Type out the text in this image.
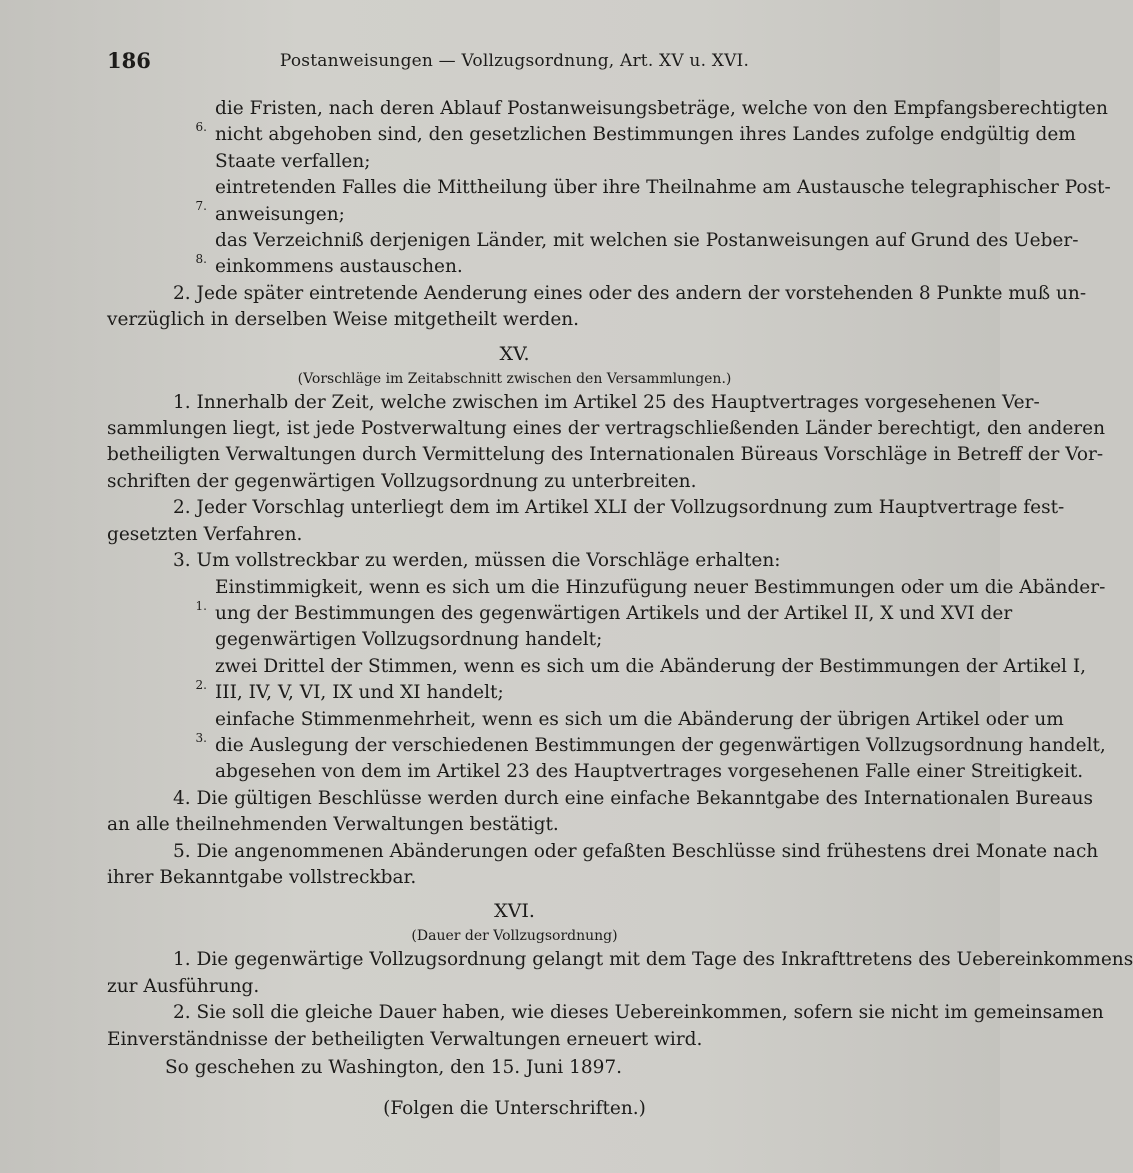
186	Postanweisungen — Vollzugsordnung, Art. XV u. XVI.
6.
die Fristen, nach deren Ablauf Postanweisungsbeträge, welche von den Empfangsberechtigten
nicht abgehoben sind, den gesetzlichen Bestimmungen ihres Landes zufolge endgültig dem
Staate verfallen;
7.
eintretenden Falles die Mittheilung über ihre Theilnahme am Austausche telegraphischer Post-
anweisungen;
8.
das Verzeichniß derjenigen Länder, mit welchen sie Postanweisungen auf Grund des Ueber-
einkommens austauschen.
2. Jede später eintretende Aenderung eines oder des andern der vorstehenden 8 Punkte muß un-
verzüglich in derselben Weise mitgetheilt werden.
XV.
(Vorschläge im Zeitabschnitt zwischen den Versammlungen.)
1. Innerhalb der Zeit, welche zwischen im Artikel 25 des Hauptvertrages vorgesehenen Ver-
sammlungen liegt, ist jede Postverwaltung eines der vertragschließenden Länder berechtigt, den anderen
betheiligten Verwaltungen durch Vermittelung des Internationalen Büreaus Vorschläge in Betreff der Vor-
schriften der gegenwärtigen Vollzugsordnung zu unterbreiten.
2. Jeder Vorschlag unterliegt dem im Artikel XLI der Vollzugsordnung zum Hauptvertrage fest-
gesetzten Verfahren.
3. Um vollstreckbar zu werden, müssen die Vorschläge erhalten:
1.
Einstimmigkeit, wenn es sich um die Hinzufügung neuer Bestimmungen oder um die Abänder-
ung der Bestimmungen des gegenwärtigen Artikels und der Artikel II, X und XVI der
gegenwärtigen Vollzugsordnung handelt;
2.
zwei Drittel der Stimmen, wenn es sich um die Abänderung der Bestimmungen der Artikel I,
III, IV, V, VI, IX und XI handelt;
3.
einfache Stimmenmehrheit, wenn es sich um die Abänderung der übrigen Artikel oder um
die Auslegung der verschiedenen Bestimmungen der gegenwärtigen Vollzugsordnung handelt,
abgesehen von dem im Artikel 23 des Hauptvertrages vorgesehenen Falle einer Streitigkeit.
4. Die gültigen Beschlüsse werden durch eine einfache Bekanntgabe des Internationalen Bureaus
an alle theilnehmenden Verwaltungen bestätigt.
5. Die angenommenen Abänderungen oder gefaßten Beschlüsse sind frühestens drei Monate nach
ihrer Bekanntgabe vollstreckbar.
XVI.
(Dauer der Vollzugsordnung)
1. Die gegenwärtige Vollzugsordnung gelangt mit dem Tage des Inkrafttretens des Uebereinkommens
zur Ausführung.
2. Sie soll die gleiche Dauer haben, wie dieses Uebereinkommen, sofern sie nicht im gemeinsamen
Einverständnisse der betheiligten Verwaltungen erneuert wird.
So geschehen zu Washington, den 15. Juni 1897.
(Folgen die Unterschriften.)
